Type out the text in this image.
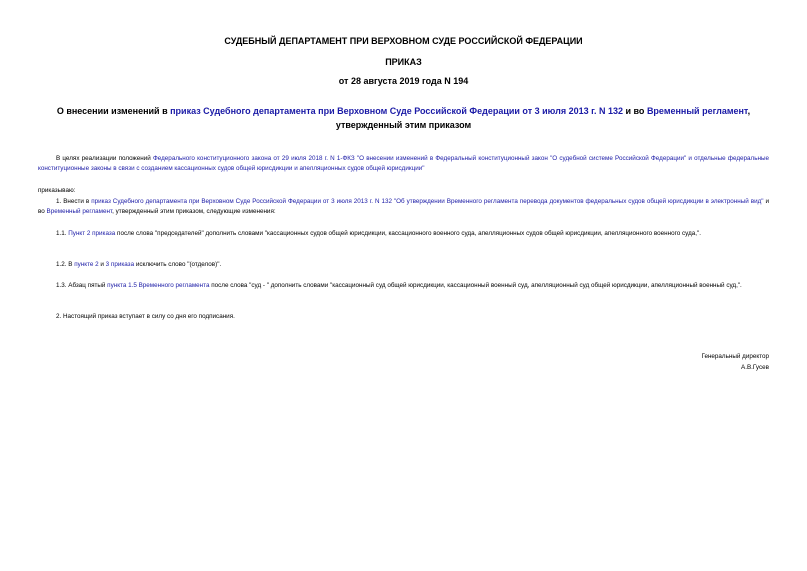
СУДЕБНЫЙ ДЕПАРТАМЕНТ ПРИ ВЕРХОВНОМ СУДЕ РОССИЙСКОЙ ФЕДЕРАЦИИ
ПРИКАЗ
от 28 августа 2019 года N 194
О внесении изменений в приказ Судебного департамента при Верховном Суде Российской Федерации от 3 июля 2013 г. N 132 и во Временный регламент, утвержденный этим приказом
В целях реализации положений Федерального конституционного закона от 29 июля 2018 г. N 1-ФКЗ "О внесении изменений в Федеральный конституционный закон "О судебной системе Российской Федерации" и отдельные федеральные конституционные законы в связи с созданием кассационных судов общей юрисдикции и апелляционных судов общей юрисдикции"
приказываю:
1. Внести в приказ Судебного департамента при Верховном Суде Российской Федерации от 3 июля 2013 г. N 132 "Об утверждении Временного регламента перевода документов федеральных судов общей юрисдикции в электронный вид" и во Временный регламент, утвержденный этим приказом, следующие изменения:
1.1. Пункт 2 приказа после слова "председателей" дополнить словами "кассационных судов общей юрисдикции, кассационного военного суда, апелляционных судов общей юрисдикции, апелляционного военного суда,".
1.2. В пункте 2 и 3 приказа исключить слово "(отделов)".
1.3. Абзац пятый пункта 1.5 Временного регламента после слова "суд - " дополнить словами "кассационный суд общей юрисдикции, кассационный военный суд, апелляционный суд общей юрисдикции, апелляционный военный суд,".
2. Настоящий приказ вступает в силу со дня его подписания.
Генеральный директор
А.В.Гусев
